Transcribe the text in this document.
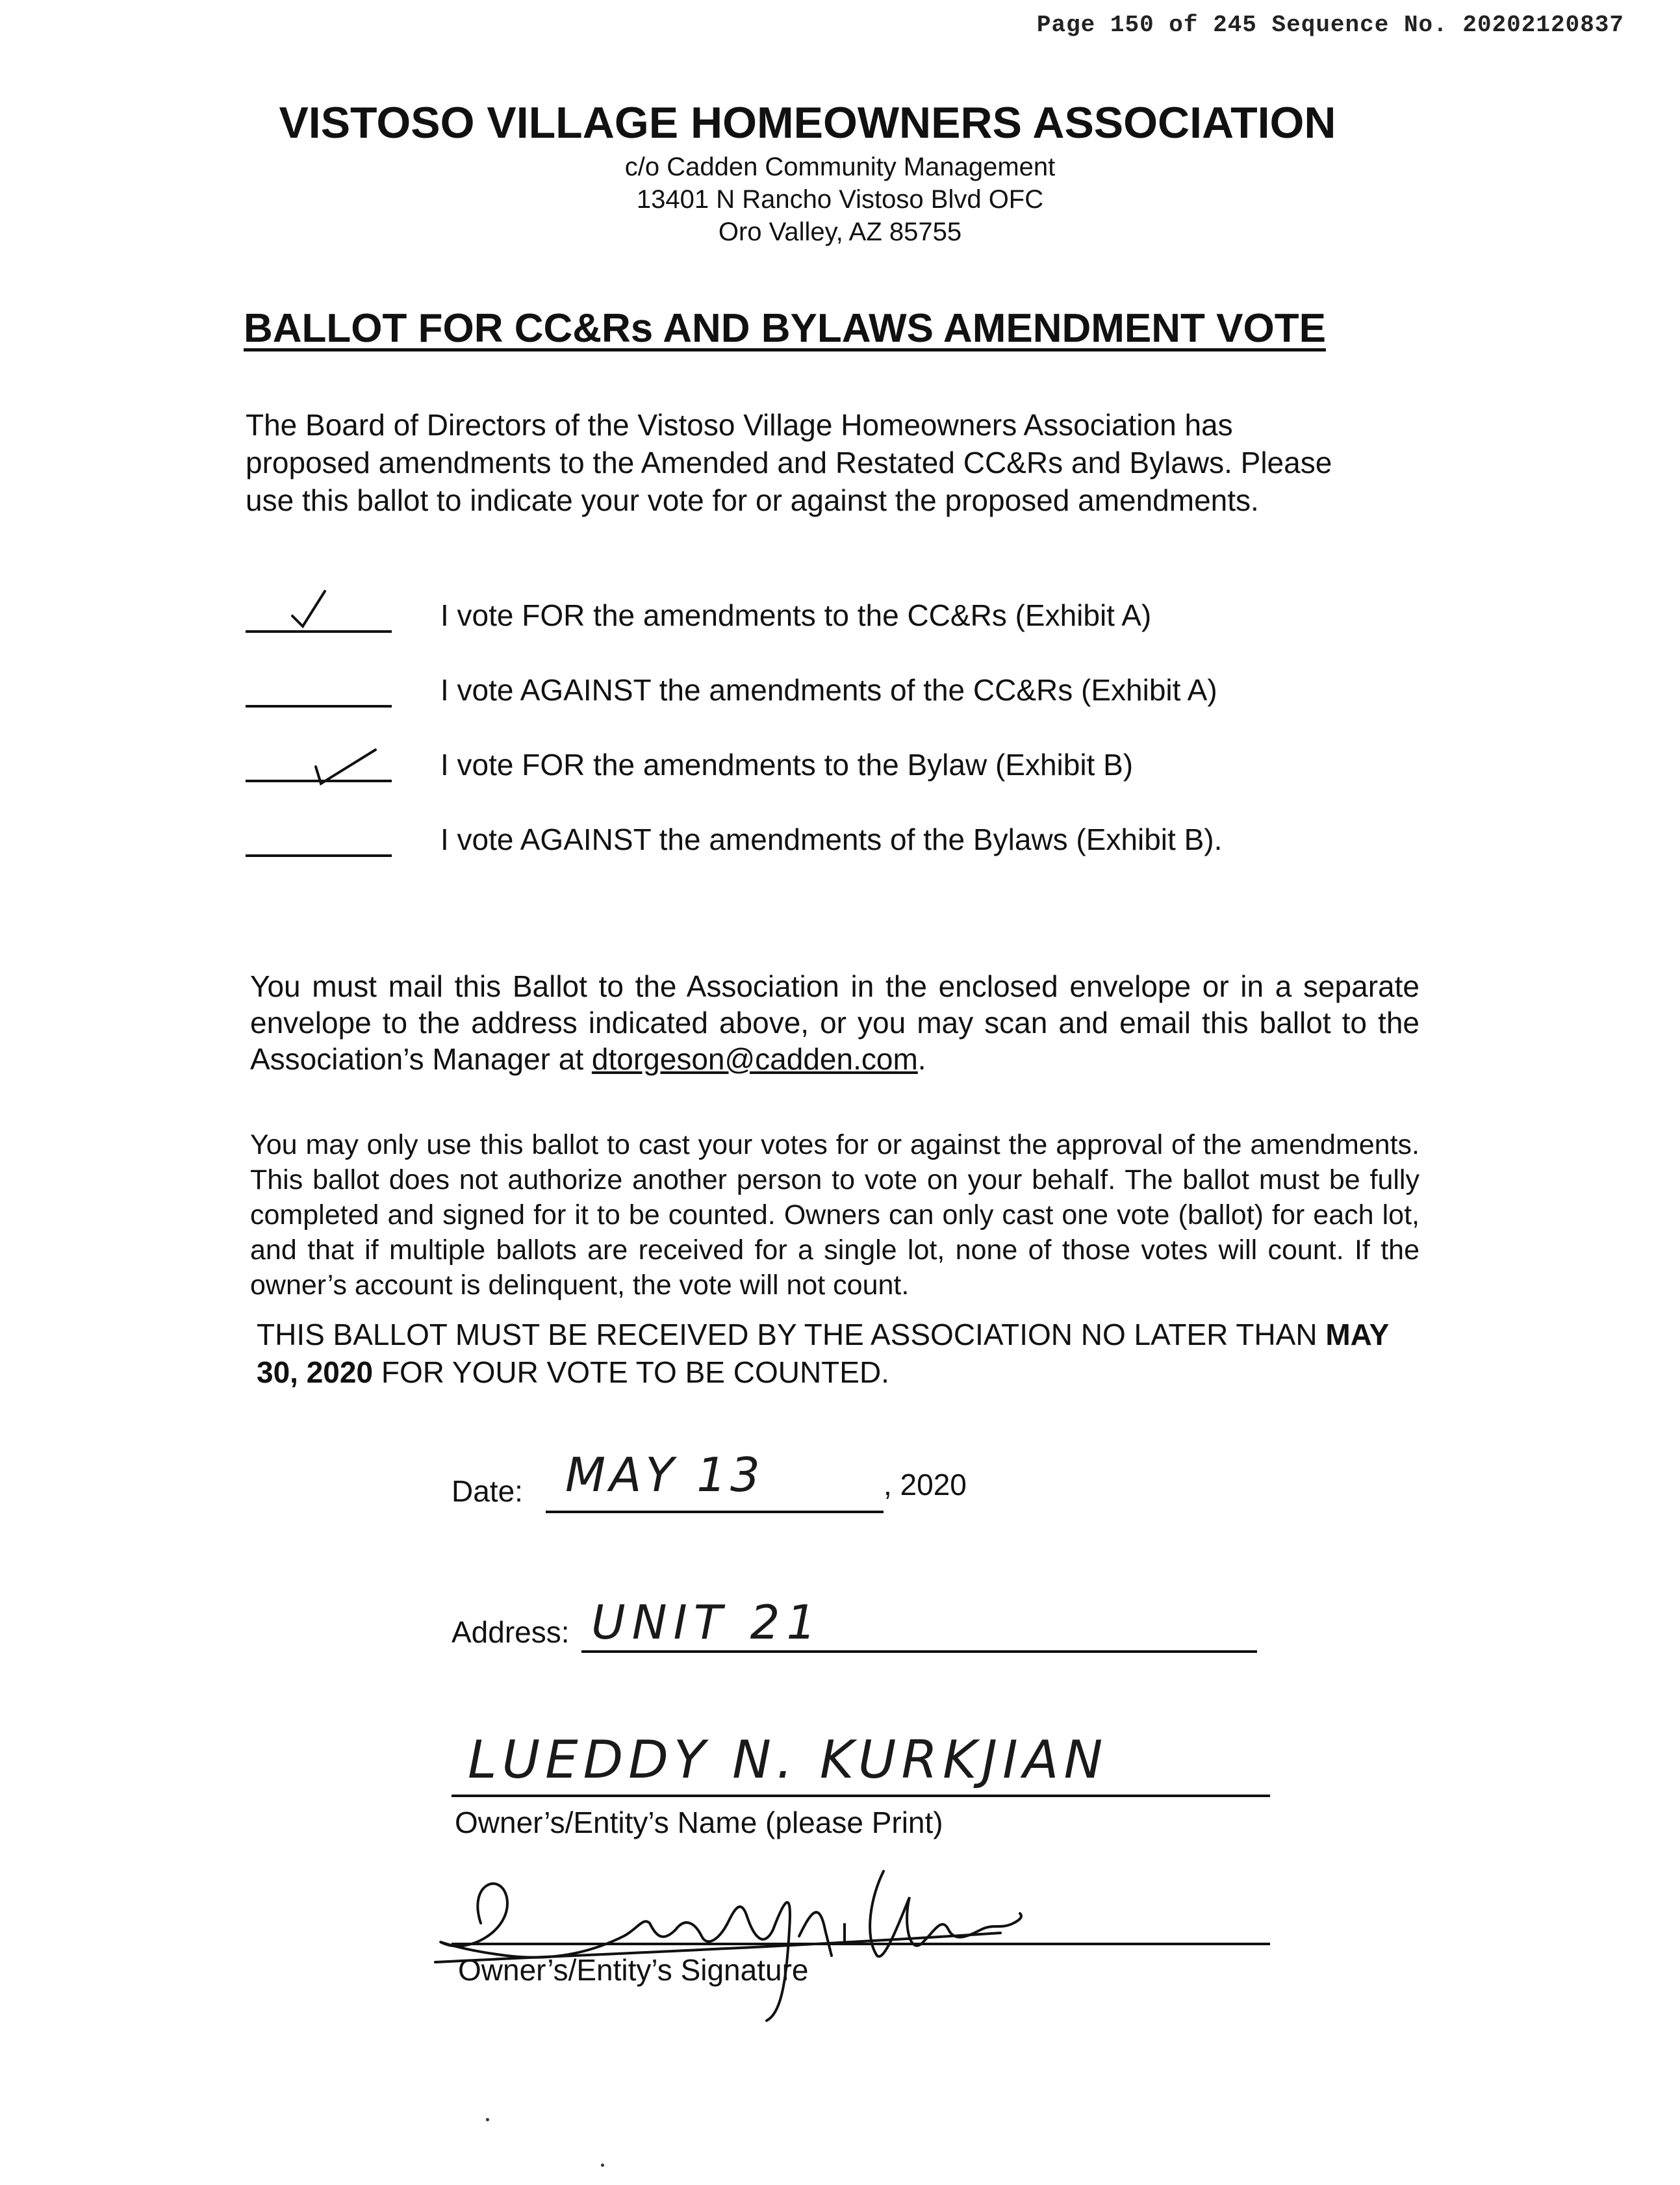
Page 150 of 245 Sequence No. 20202120837
VISTOSO VILLAGE HOMEOWNERS ASSOCIATION
c/o Cadden Community Management
13401 N Rancho Vistoso Blvd OFC
Oro Valley, AZ 85755
BALLOT FOR CC&Rs AND BYLAWS AMENDMENT VOTE
The Board of Directors of the Vistoso Village Homeowners Association has proposed amendments to the Amended and Restated CC&Rs and Bylaws. Please use this ballot to indicate your vote for or against the proposed amendments.
I vote FOR the amendments to the CC&Rs (Exhibit A)
I vote AGAINST the amendments of the CC&Rs (Exhibit A)
I vote FOR the amendments to the Bylaw (Exhibit B)
I vote AGAINST the amendments of the Bylaws (Exhibit B).
You must mail this Ballot to the Association in the enclosed envelope or in a separate envelope to the address indicated above, or you may scan and email this ballot to the Association’s Manager at dtorgeson@cadden.com.
You may only use this ballot to cast your votes for or against the approval of the amendments. This ballot does not authorize another person to vote on your behalf. The ballot must be fully completed and signed for it to be counted. Owners can only cast one vote (ballot) for each lot, and that if multiple ballots are received for a single lot, none of those votes will count. If the owner’s account is delinquent, the vote will not count.
THIS BALLOT MUST BE RECEIVED BY THE ASSOCIATION NO LATER THAN MAY 30, 2020 FOR YOUR VOTE TO BE COUNTED.
Date: MAY 13	, 2020
Address: UNIT 21
LUEDDY N. KURKJIAN
Owner’s/Entity’s Name (please Print)
Owner’s/Entity’s Signature
